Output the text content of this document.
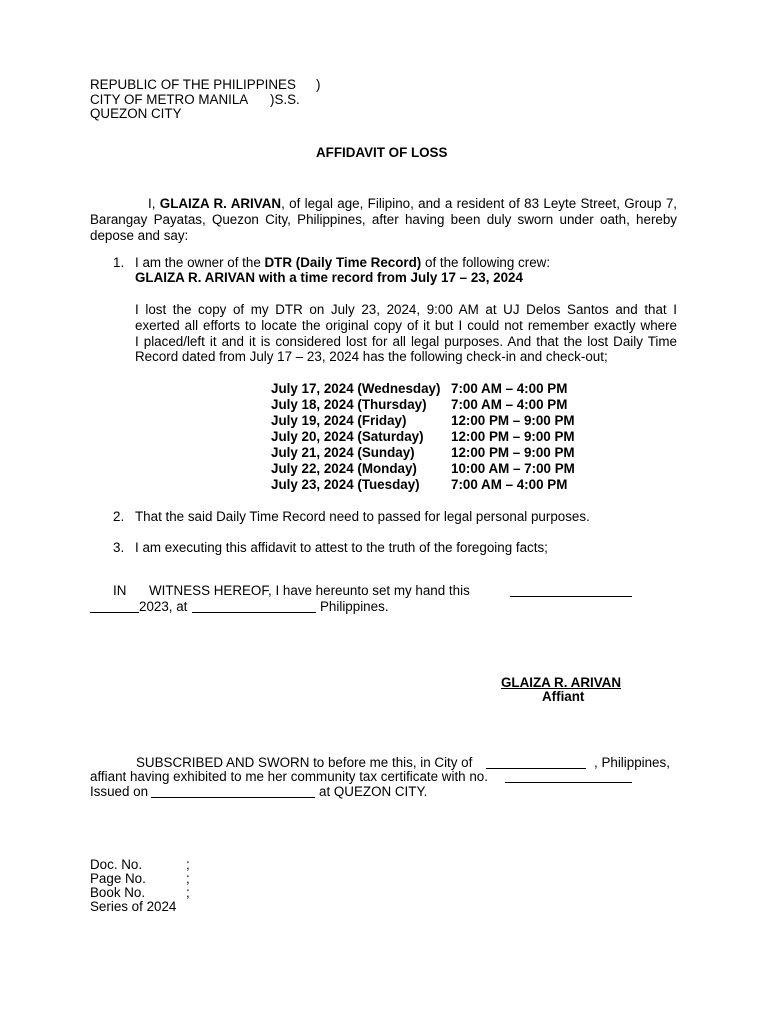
REPUBLIC OF THE PHILIPPINES )
CITY OF METRO MANILA )S.S.
QUEZON CITY
AFFIDAVIT OF LOSS
I, GLAIZA R. ARIVAN, of legal age, Filipino, and a resident of 83 Leyte Street, Group 7,
Barangay Payatas, Quezon City, Philippines, after having been duly sworn under oath, hereby
depose and say:
1. I am the owner of the DTR (Daily Time Record) of the following crew:
GLAIZA R. ARIVAN with a time record from July 17 – 23, 2024
I lost the copy of my DTR on July 23, 2024, 9:00 AM at UJ Delos Santos and that I
exerted all efforts to locate the original copy of it but I could not remember exactly where
I placed/left it and it is considered lost for all legal purposes. And that the lost Daily Time
Record dated from July 17 – 23, 2024 has the following check-in and check-out;
July 17, 2024 (Wednesday) 7:00 AM – 4:00 PM
July 18, 2024 (Thursday) 7:00 AM – 4:00 PM
July 19, 2024 (Friday)	12:00 PM – 9:00 PM
July 20, 2024 (Saturday) 12:00 PM – 9:00 PM
July 21, 2024 (Sunday)	12:00 PM – 9:00 PM
July 22, 2024 (Monday)	10:00 AM – 7:00 PM
July 23, 2024 (Tuesday) 7:00 AM – 4:00 PM
2. That the said Daily Time Record need to passed for legal personal purposes.
3. I am executing this affidavit to attest to the truth of the foregoing facts;
IN WITNESS HEREOF, I have hereunto set my hand this
2023, at	Philippines.
GLAIZA R. ARIVAN
Affiant
SUBSCRIBED AND SWORN to before me this, in City of	, Philippines,
affiant having exhibited to me her community tax certificate with no.
Issued on	at QUEZON CITY.
Doc. No.	;
Page No.	;
Book No.	;
Series of 2024
